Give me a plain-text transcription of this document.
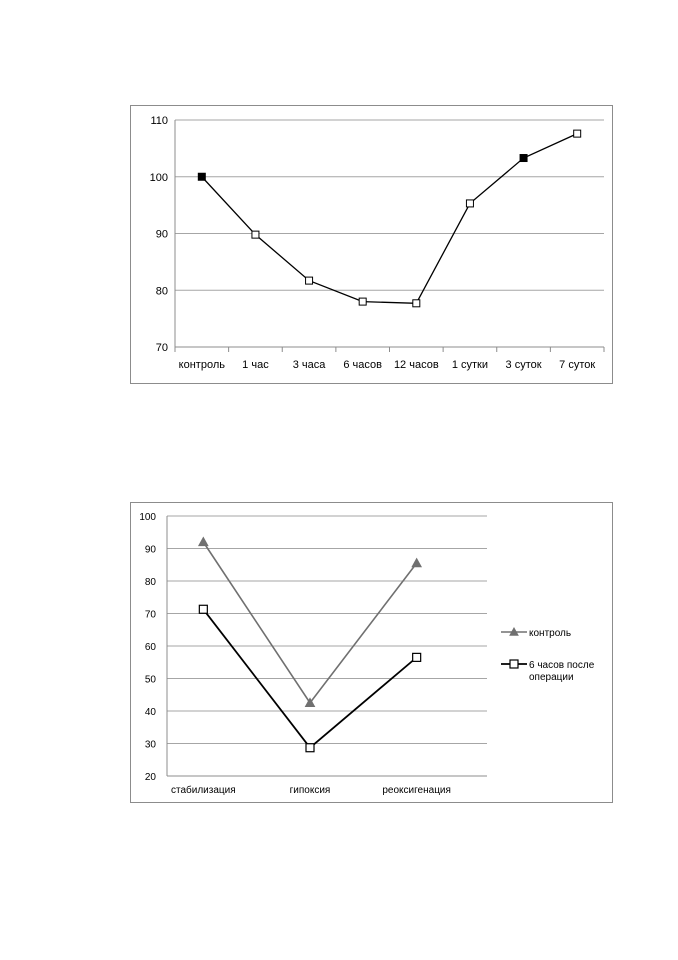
70
80
90
100
110
контроль 1 час 3 часа 6 часов 12 часов 1 сутки 3 суток 7 суток
20
30
40
50
60
70
80
90
100
стабилизация	гипоксия	реоксигенация
контроль
6 часов после
операции
